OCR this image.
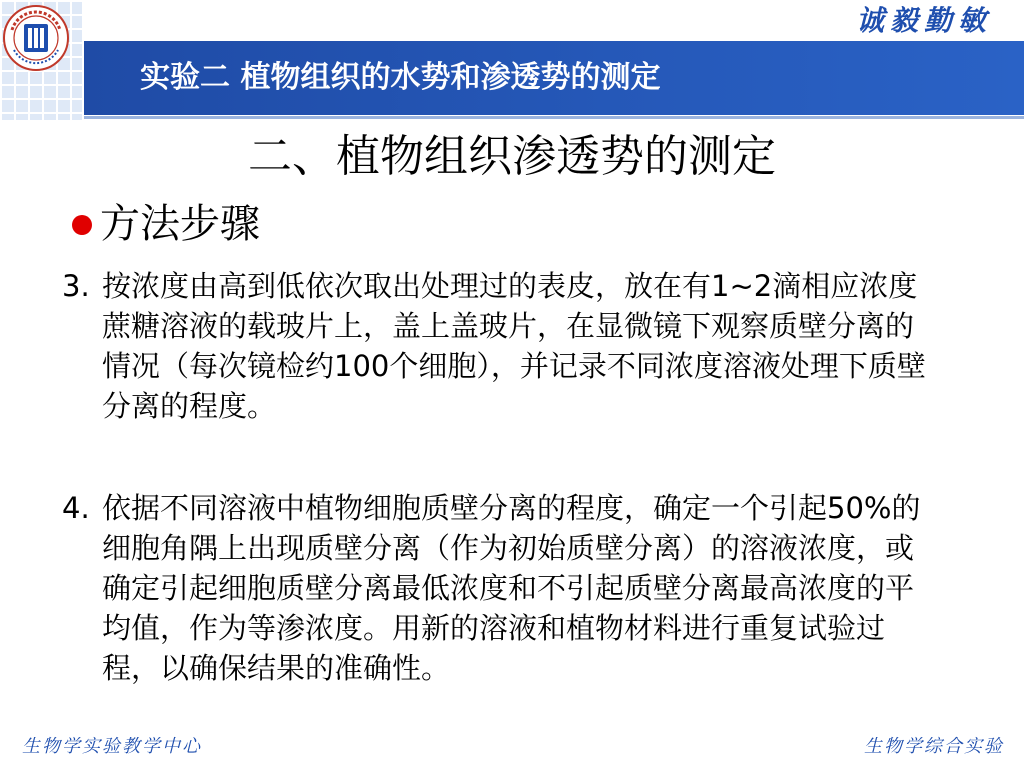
诚毅勤敏
实验二 植物组织的水势和渗透势的测定
二、植物组织渗透势的测定
方法步骤
3. 按浓度由高到低依次取出处理过的表皮，放在有1~2滴相应浓度蔗糖溶液的载玻片上，盖上盖玻片，在显微镜下观察质壁分离的情况（每次镜检约100个细胞），并记录不同浓度溶液处理下质壁分离的程度。
4. 依据不同溶液中植物细胞质壁分离的程度，确定一个引起50%的细胞角隅上出现质壁分离（作为初始质壁分离）的溶液浓度，或确定引起细胞质壁分离最低浓度和不引起质壁分离最高浓度的平均值，作为等渗浓度。用新的溶液和植物材料进行重复试验过程，以确保结果的准确性。
生物学实验教学中心	生物学综合实验
